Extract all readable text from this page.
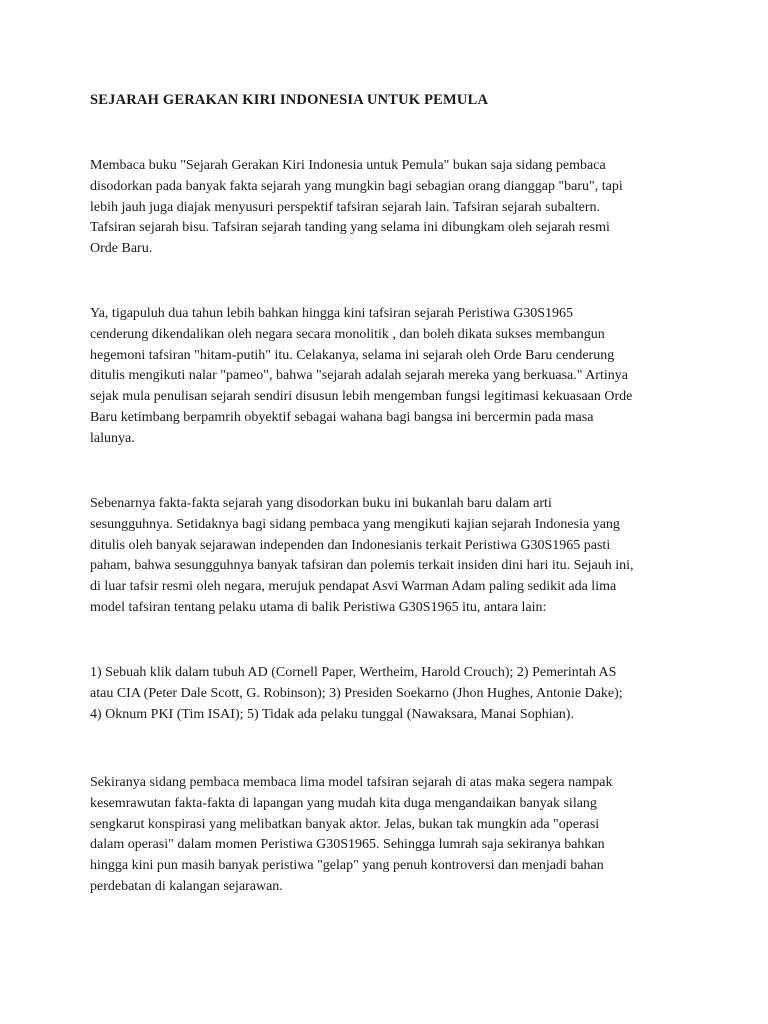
SEJARAH GERAKAN KIRI INDONESIA UNTUK PEMULA

Membaca buku "Sejarah Gerakan Kiri Indonesia untuk Pemula" bukan saja sidang pembaca
disodorkan pada banyak fakta sejarah yang mungkin bagi sebagian orang dianggap "baru", tapi
lebih jauh juga diajak menyusuri perspektif tafsiran sejarah lain. Tafsiran sejarah subaltern.
Tafsiran sejarah bisu. Tafsiran sejarah tanding yang selama ini dibungkam oleh sejarah resmi
Orde Baru.

Ya, tigapuluh dua tahun lebih bahkan hingga kini tafsiran sejarah Peristiwa G30S1965
cenderung dikendalikan oleh negara secara monolitik , dan boleh dikata sukses membangun
hegemoni tafsiran "hitam-putih" itu. Celakanya, selama ini sejarah oleh Orde Baru cenderung
ditulis mengikuti nalar "pameo", bahwa "sejarah adalah sejarah mereka yang berkuasa." Artinya
sejak mula penulisan sejarah sendiri disusun lebih mengemban fungsi legitimasi kekuasaan Orde
Baru ketimbang berpamrih obyektif sebagai wahana bagi bangsa ini bercermin pada masa
lalunya.

Sebenarnya fakta-fakta sejarah yang disodorkan buku ini bukanlah baru dalam arti
sesungguhnya. Setidaknya bagi sidang pembaca yang mengikuti kajian sejarah Indonesia yang
ditulis oleh banyak sejarawan independen dan Indonesianis terkait Peristiwa G30S1965 pasti
paham, bahwa sesungguhnya banyak tafsiran dan polemis terkait insiden dini hari itu. Sejauh ini,
di luar tafsir resmi oleh negara, merujuk pendapat Asvi Warman Adam paling sedikit ada lima
model tafsiran tentang pelaku utama di balik Peristiwa G30S1965 itu, antara lain:

1) Sebuah klik dalam tubuh AD (Cornell Paper, Wertheim, Harold Crouch); 2) Pemerintah AS
atau CIA (Peter Dale Scott, G. Robinson); 3) Presiden Soekarno (Jhon Hughes, Antonie Dake);
4) Oknum PKI (Tim ISAI); 5) Tidak ada pelaku tunggal (Nawaksara, Manai Sophian).

Sekiranya sidang pembaca membaca lima model tafsiran sejarah di atas maka segera nampak
kesemrawutan fakta-fakta di lapangan yang mudah kita duga mengandaikan banyak silang
sengkarut konspirasi yang melibatkan banyak aktor. Jelas, bukan tak mungkin ada "operasi
dalam operasi" dalam momen Peristiwa G30S1965. Sehingga lumrah saja sekiranya bahkan
hingga kini pun masih banyak peristiwa "gelap" yang penuh kontroversi dan menjadi bahan
perdebatan di kalangan sejarawan.
